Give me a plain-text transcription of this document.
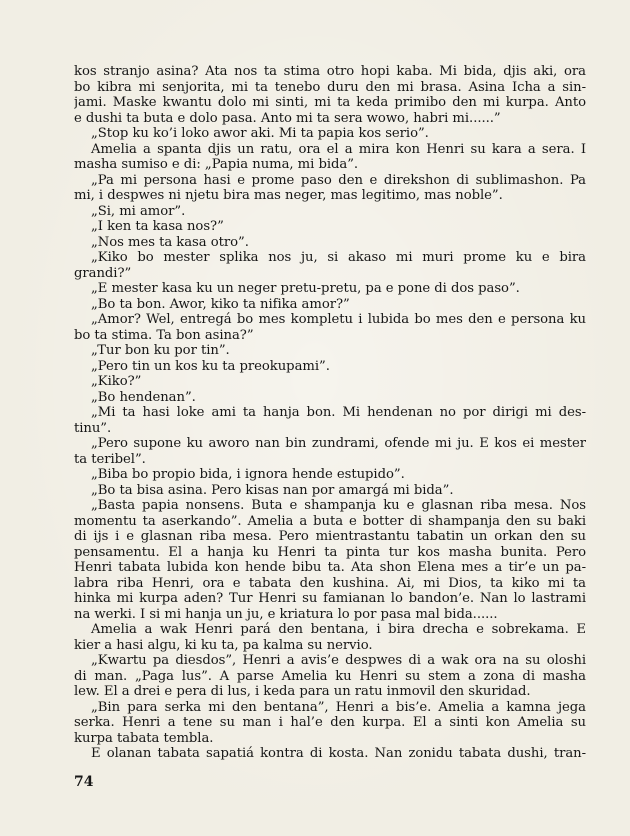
kos stranjo asina? Ata nos ta stima otro hopi kaba. Mi bida, djis aki, ora
bo kibra mi senjorita, mi ta tenebo duru den mi brasa. Asina Icha a sin-
jami. Maske kwantu dolo mi sinti, mi ta keda primibo den mi kurpa. Anto
e dushi ta buta e dolo pasa. Anto mi ta sera wowo, habri mi......”
„Stop ku ko’i loko awor aki. Mi ta papia kos serio”.
Amelia a spanta djis un ratu, ora el a mira kon Henri su kara a sera. I
masha sumiso e di: „Papia numa, mi bida”.
„Pa mi persona hasi e prome paso den e direkshon di sublimashon. Pa
mi, i despwes ni njetu bira mas neger, mas legitimo, mas noble”.
„Si, mi amor”.
„I ken ta kasa nos?”
„Nos mes ta kasa otro”.
„Kiko bo mester splika nos ju, si akaso mi muri prome ku e bira
grandi?”
„E mester kasa ku un neger pretu-pretu, pa e pone di dos paso”.
„Bo ta bon. Awor, kiko ta nifika amor?”
„Amor? Wel, entregá bo mes kompletu i lubida bo mes den e persona ku
bo ta stima. Ta bon asina?”
„Tur bon ku por tin”.
„Pero tin un kos ku ta preokupami”.
„Kiko?”
„Bo hendenan”.
„Mi ta hasi loke ami ta hanja bon. Mi hendenan no por dirigi mi des-
tinu”.
„Pero supone ku aworo nan bin zundrami, ofende mi ju. E kos ei mester
ta teribel”.
„Biba bo propio bida, i ignora hende estupido”.
„Bo ta bisa asina. Pero kisas nan por amargá mi bida”.
„Basta papia nonsens. Buta e shampanja ku e glasnan riba mesa. Nos
momentu ta aserkando”. Amelia a buta e botter di shampanja den su baki
di ijs i e glasnan riba mesa. Pero mientrastantu tabatin un orkan den su
pensamentu. El a hanja ku Henri ta pinta tur kos masha bunita. Pero
Henri tabata lubida kon hende bibu ta. Ata shon Elena mes a tir’e un pa-
labra riba Henri, ora e tabata den kushina. Ai, mi Dios, ta kiko mi ta
hinka mi kurpa aden? Tur Henri su famianan lo bandon’e. Nan lo lastrami
na werki. I si mi hanja un ju, e kriatura lo por pasa mal bida......
Amelia a wak Henri pará den bentana, i bira drecha e sobrekama. E
kier a hasi algu, ki ku ta, pa kalma su nervio.
„Kwartu pa diesdos”, Henri a avis’e despwes di a wak ora na su oloshi
di man. „Paga lus”. A parse Amelia ku Henri su stem a zona di masha
lew. El a drei e pera di lus, i keda para un ratu inmovil den skuridad.
„Bin para serka mi den bentana”, Henri a bis’e. Amelia a kamna jega
serka. Henri a tene su man i hal’e den kurpa. El a sinti kon Amelia su
kurpa tabata tembla.
E olanan tabata sapatiá kontra di kosta. Nan zonidu tabata dushi, tran-
74
